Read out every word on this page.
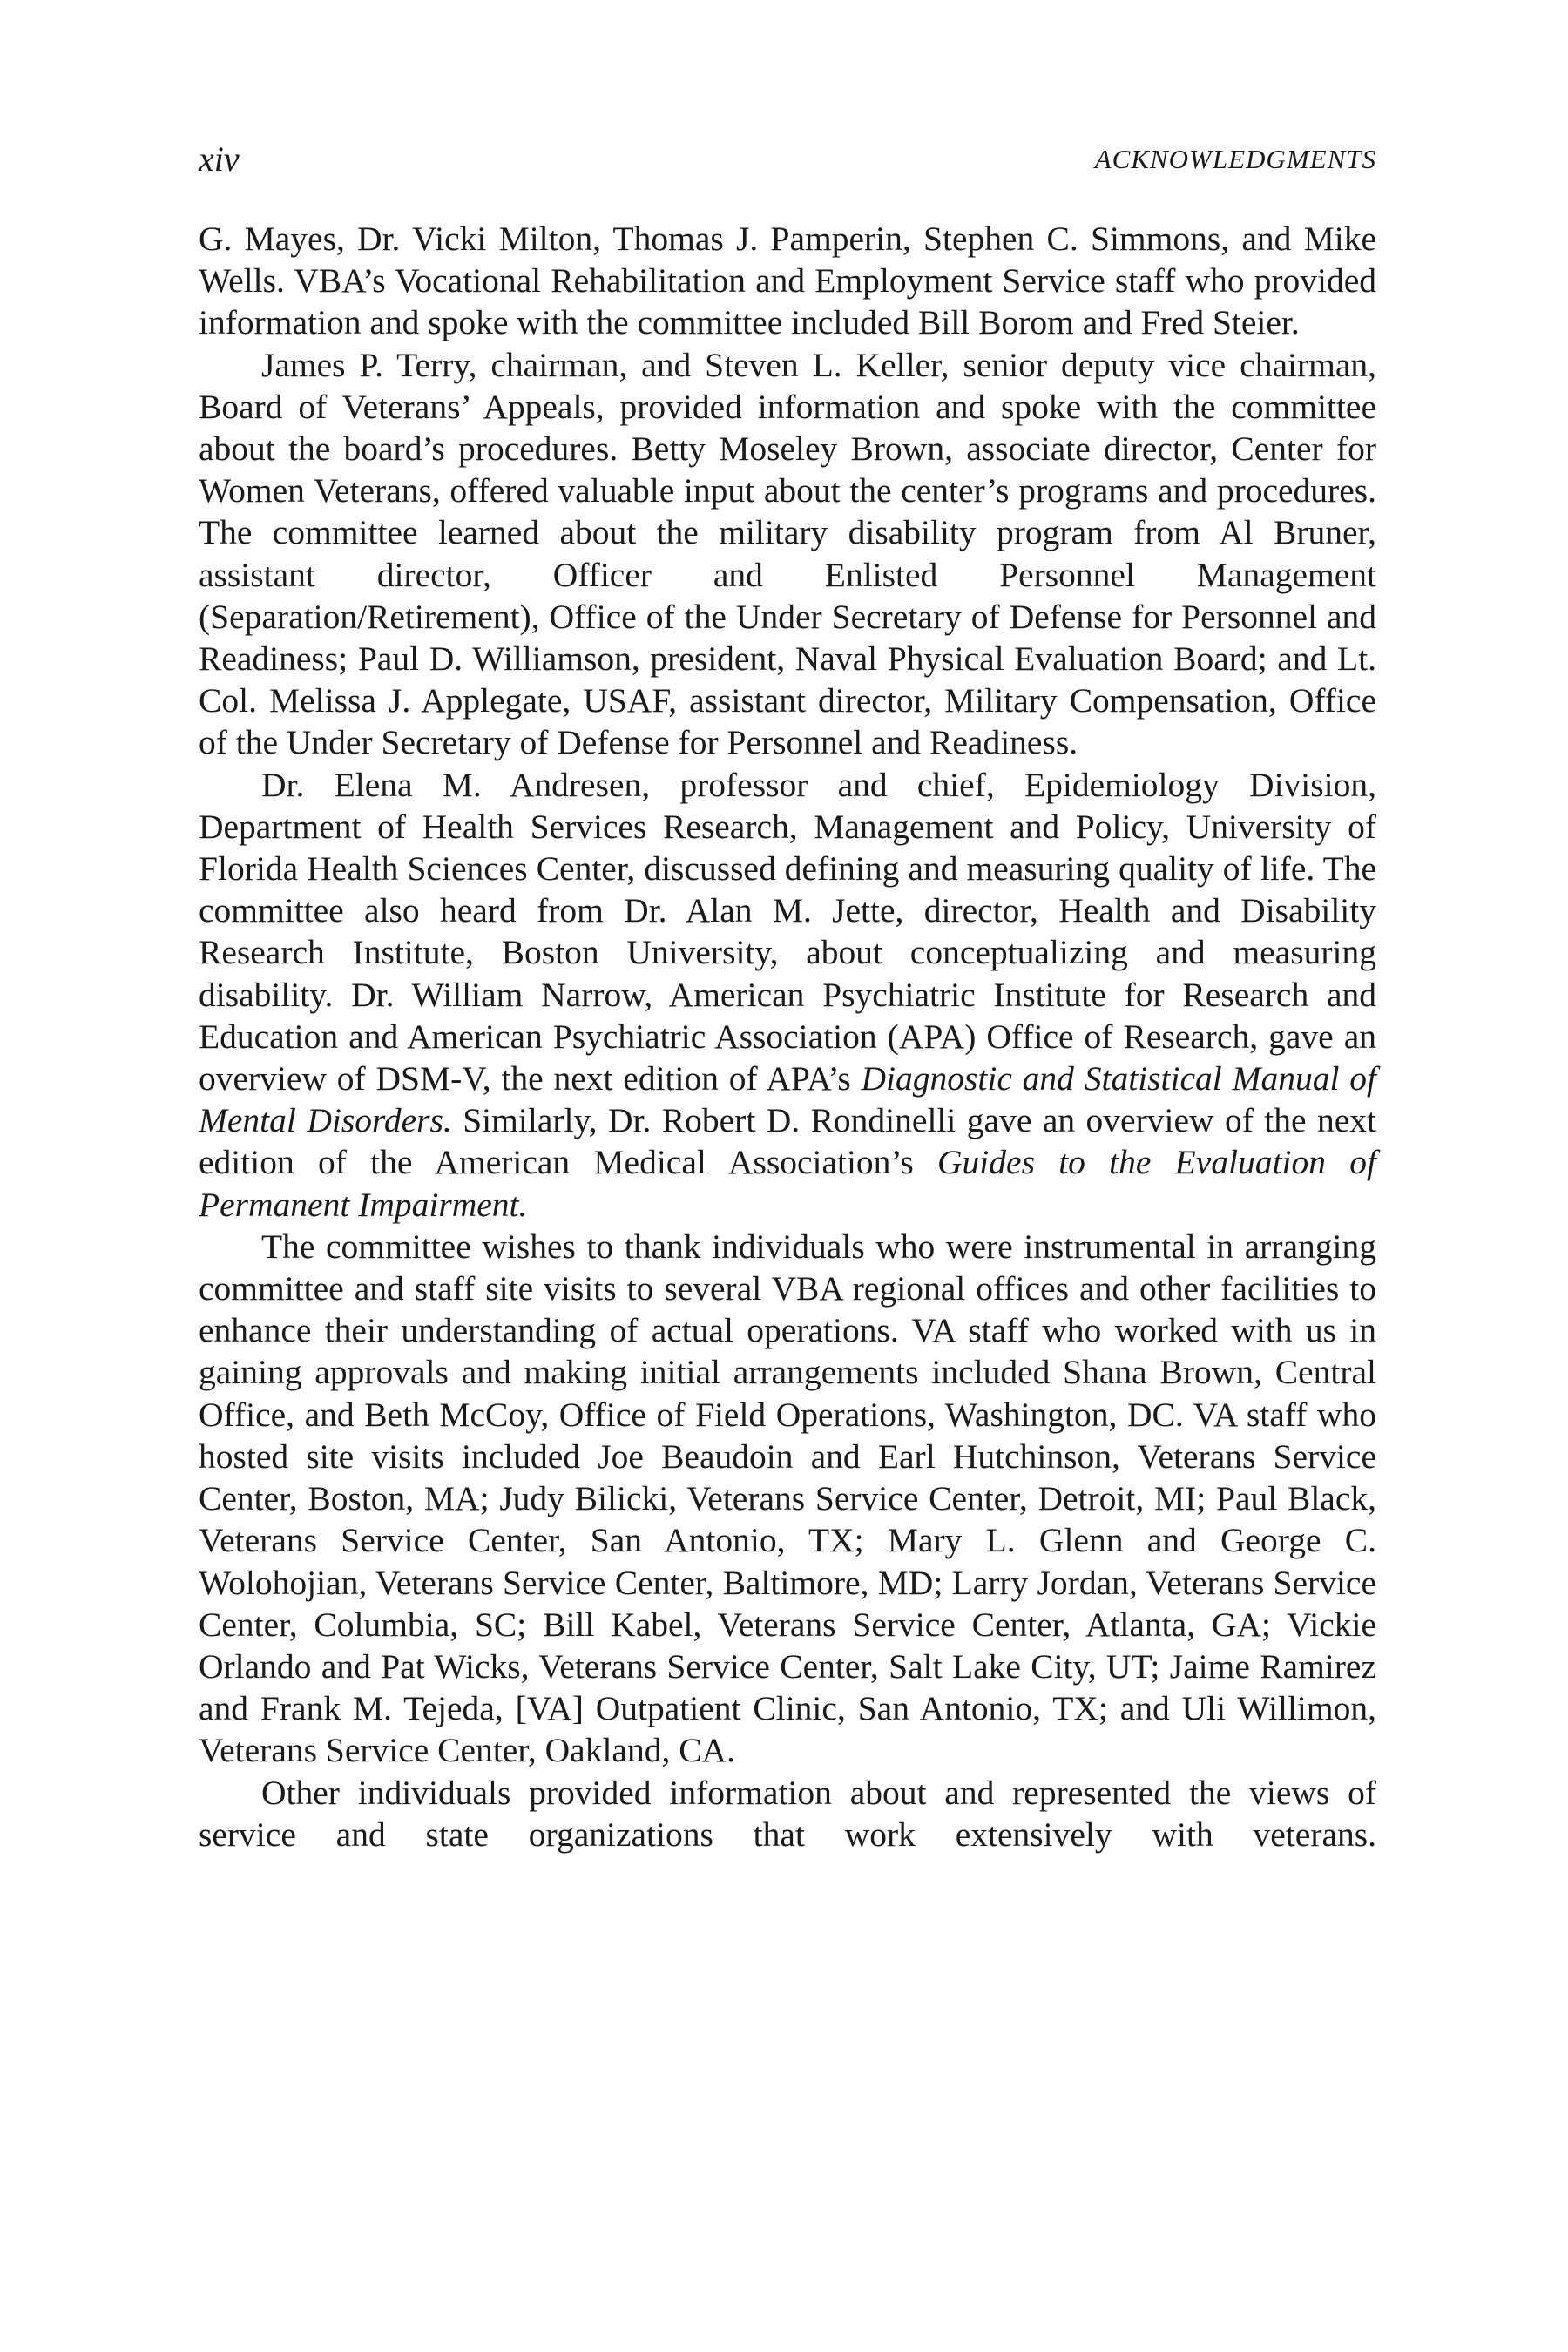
xiv	ACKNOWLEDGMENTS

G. Mayes, Dr. Vicki Milton, Thomas J. Pamperin, Stephen C. Simmons, and Mike Wells. VBA’s Vocational Rehabilitation and Employment Service staff who provided information and spoke with the committee included Bill Borom and Fred Steier.

James P. Terry, chairman, and Steven L. Keller, senior deputy vice chairman, Board of Veterans’ Appeals, provided information and spoke with the committee about the board’s procedures. Betty Moseley Brown, associate director, Center for Women Veterans, offered valuable input about the center’s programs and procedures. The committee learned about the military disability program from Al Bruner, assistant director, Officer and Enlisted Personnel Management (Separation/Retirement), Office of the Under Secretary of Defense for Personnel and Readiness; Paul D. Williamson, president, Naval Physical Evaluation Board; and Lt. Col. Melissa J. Applegate, USAF, assistant director, Military Compensation, Office of the Under Secretary of Defense for Personnel and Readiness.

Dr. Elena M. Andresen, professor and chief, Epidemiology Division, Department of Health Services Research, Management and Policy, University of Florida Health Sciences Center, discussed defining and measuring quality of life. The committee also heard from Dr. Alan M. Jette, director, Health and Disability Research Institute, Boston University, about conceptualizing and measuring disability. Dr. William Narrow, American Psychiatric Institute for Research and Education and American Psychiatric Association (APA) Office of Research, gave an overview of DSM-V, the next edition of APA’s Diagnostic and Statistical Manual of Mental Disorders. Similarly, Dr. Robert D. Rondinelli gave an overview of the next edition of the American Medical Association’s Guides to the Evaluation of Permanent Impairment.

The committee wishes to thank individuals who were instrumental in arranging committee and staff site visits to several VBA regional offices and other facilities to enhance their understanding of actual operations. VA staff who worked with us in gaining approvals and making initial arrangements included Shana Brown, Central Office, and Beth McCoy, Office of Field Operations, Washington, DC. VA staff who hosted site visits included Joe Beaudoin and Earl Hutchinson, Veterans Service Center, Boston, MA; Judy Bilicki, Veterans Service Center, Detroit, MI; Paul Black, Veterans Service Center, San Antonio, TX; Mary L. Glenn and George C. Wolohojian, Veterans Service Center, Baltimore, MD; Larry Jordan, Veterans Service Center, Columbia, SC; Bill Kabel, Veterans Service Center, Atlanta, GA; Vickie Orlando and Pat Wicks, Veterans Service Center, Salt Lake City, UT; Jaime Ramirez and Frank M. Tejeda, [VA] Outpatient Clinic, San Antonio, TX; and Uli Willimon, Veterans Service Center, Oakland, CA.

Other individuals provided information about and represented the views of service and state organizations that work extensively with veterans.
